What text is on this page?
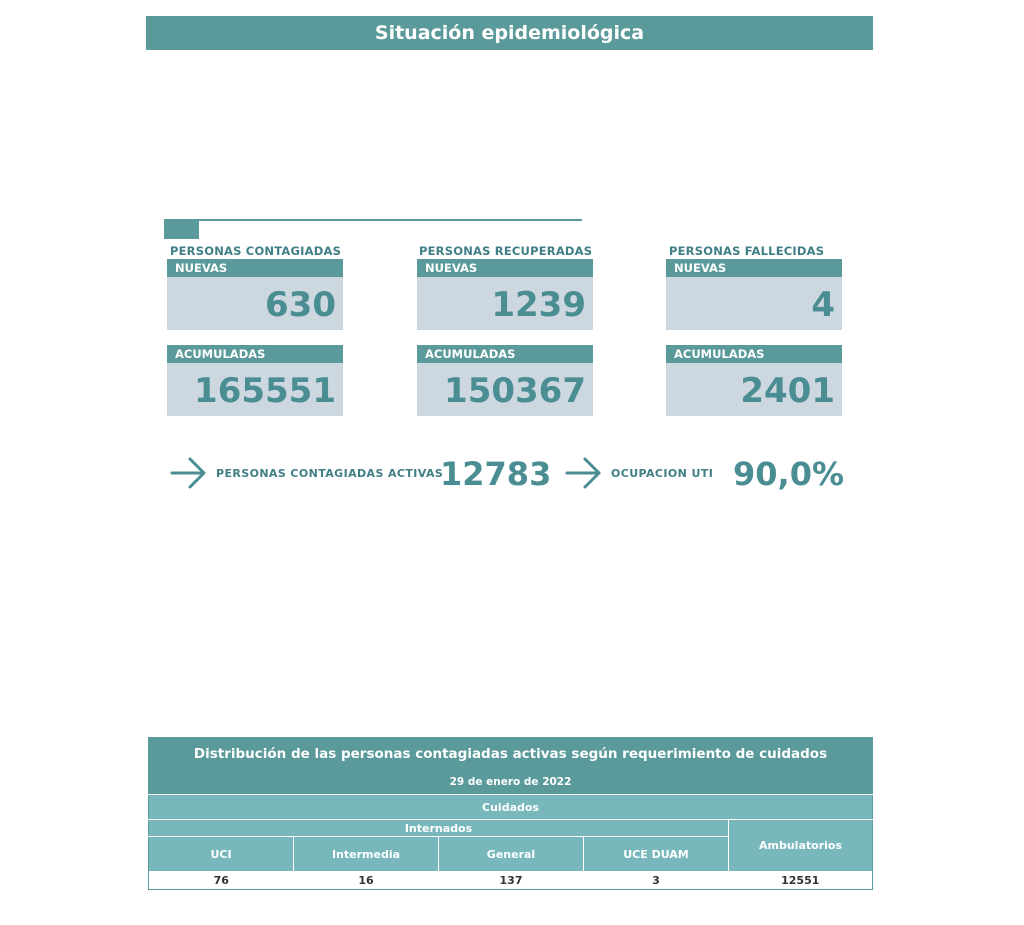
Situación epidemiológica
PERSONAS CONTAGIADAS
NUEVAS
630
ACUMULADAS
165551
PERSONAS RECUPERADAS
NUEVAS
1239
ACUMULADAS
150367
PERSONAS FALLECIDAS
NUEVAS
4
ACUMULADAS
2401
PERSONAS CONTAGIADAS ACTIVAS
12783	OCUPACION UTI 90,0%
Distribución de las personas contagiadas activas según requerimiento de cuidados				
29 de enero de 2022				
Cuidados				
Internados				Ambulatorios
UCI	Intermedia	General	UCE DUAM	
76	16	137	3	12551
